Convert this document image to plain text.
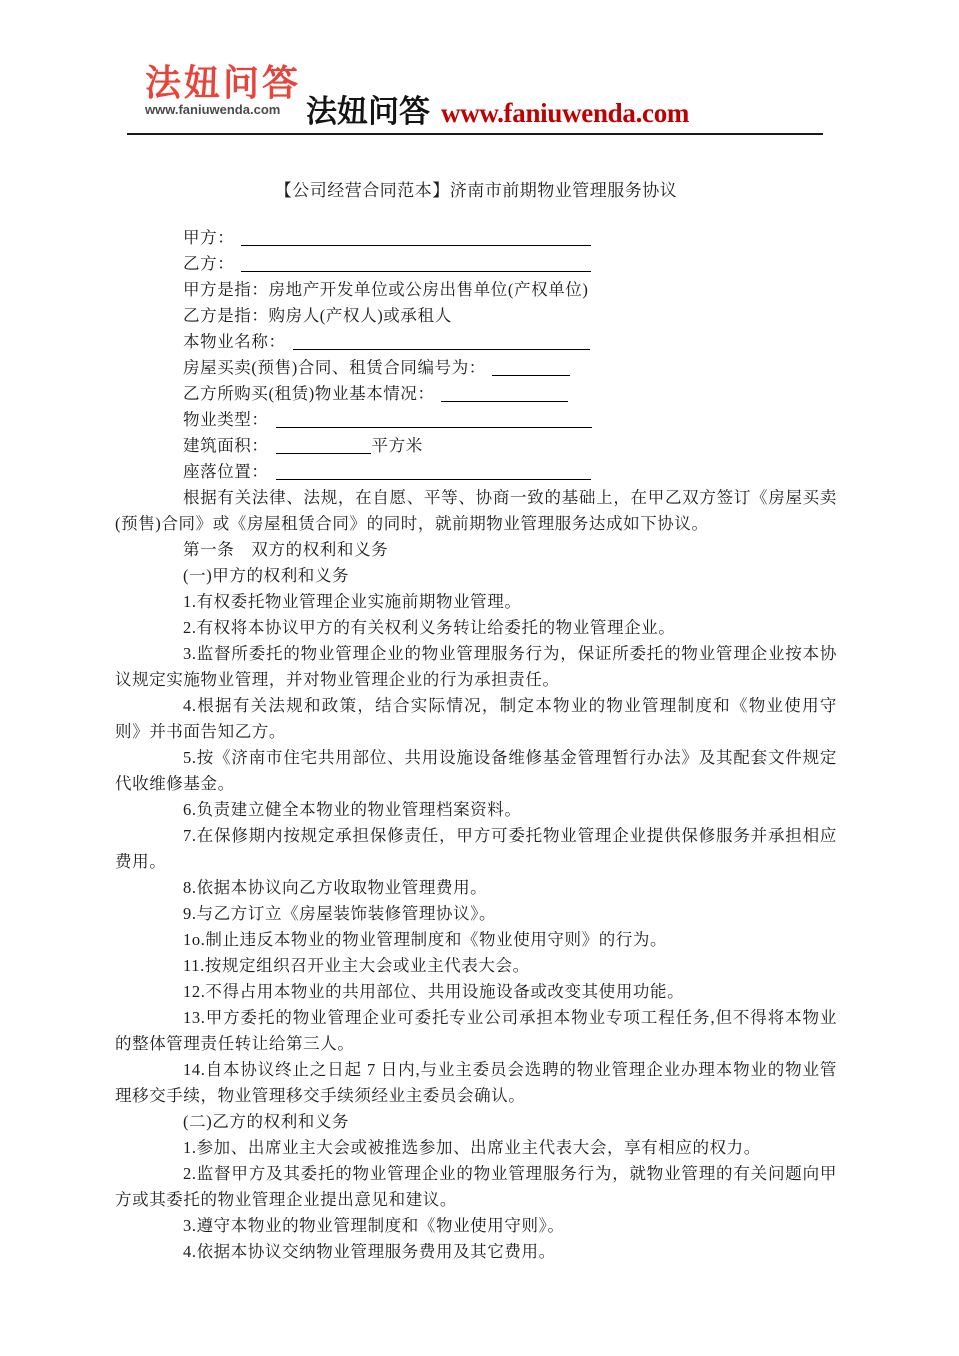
法妞问答
www.faniuwenda.com 法妞问答 www.faniuwenda.com
【公司经营合同范本】济南市前期物业管理服务协议
甲方：
乙方：
甲方是指：房地产开发单位或公房出售单位(产权单位)
乙方是指：购房人(产权人)或承租人
本物业名称：
房屋买卖(预售)合同、租赁合同编号为：
乙方所购买(租赁)物业基本情况：
物业类型：
建筑面积：	平方米
座落位置：

根据有关法律、法规，在自愿、平等、协商一致的基础上，在甲乙双方签订《房屋买卖(预售)合同》或《房屋租赁合同》的同时，就前期物业管理服务达成如下协议。

第一条　双方的权利和义务

(一)甲方的权利和义务

1.有权委托物业管理企业实施前期物业管理。

2.有权将本协议甲方的有关权利义务转让给委托的物业管理企业。

3.监督所委托的物业管理企业的物业管理服务行为，保证所委托的物业管理企业按本协议规定实施物业管理，并对物业管理企业的行为承担责任。

4.根据有关法规和政策，结合实际情况，制定本物业的物业管理制度和《物业使用守则》并书面告知乙方。

5.按《济南市住宅共用部位、共用设施设备维修基金管理暂行办法》及其配套文件规定代收维修基金。

6.负责建立健全本物业的物业管理档案资料。

7.在保修期内按规定承担保修责任，甲方可委托物业管理企业提供保修服务并承担相应费用。

8.依据本协议向乙方收取物业管理费用。

9.与乙方订立《房屋装饰装修管理协议》。

1o.制止违反本物业的物业管理制度和《物业使用守则》的行为。

11.按规定组织召开业主大会或业主代表大会。

12.不得占用本物业的共用部位、共用设施设备或改变其使用功能。

13.甲方委托的物业管理企业可委托专业公司承担本物业专项工程任务,但不得将本物业的整体管理责任转让给第三人。

14.自本协议终止之日起 7 日内,与业主委员会选聘的物业管理企业办理本物业的物业管理移交手续，物业管理移交手续须经业主委员会确认。

(二)乙方的权利和义务

1.参加、出席业主大会或被推选参加、出席业主代表大会，享有相应的权力。

2.监督甲方及其委托的物业管理企业的物业管理服务行为，就物业管理的有关问题向甲方或其委托的物业管理企业提出意见和建议。

3.遵守本物业的物业管理制度和《物业使用守则》。

4.依据本协议交纳物业管理服务费用及其它费用。
